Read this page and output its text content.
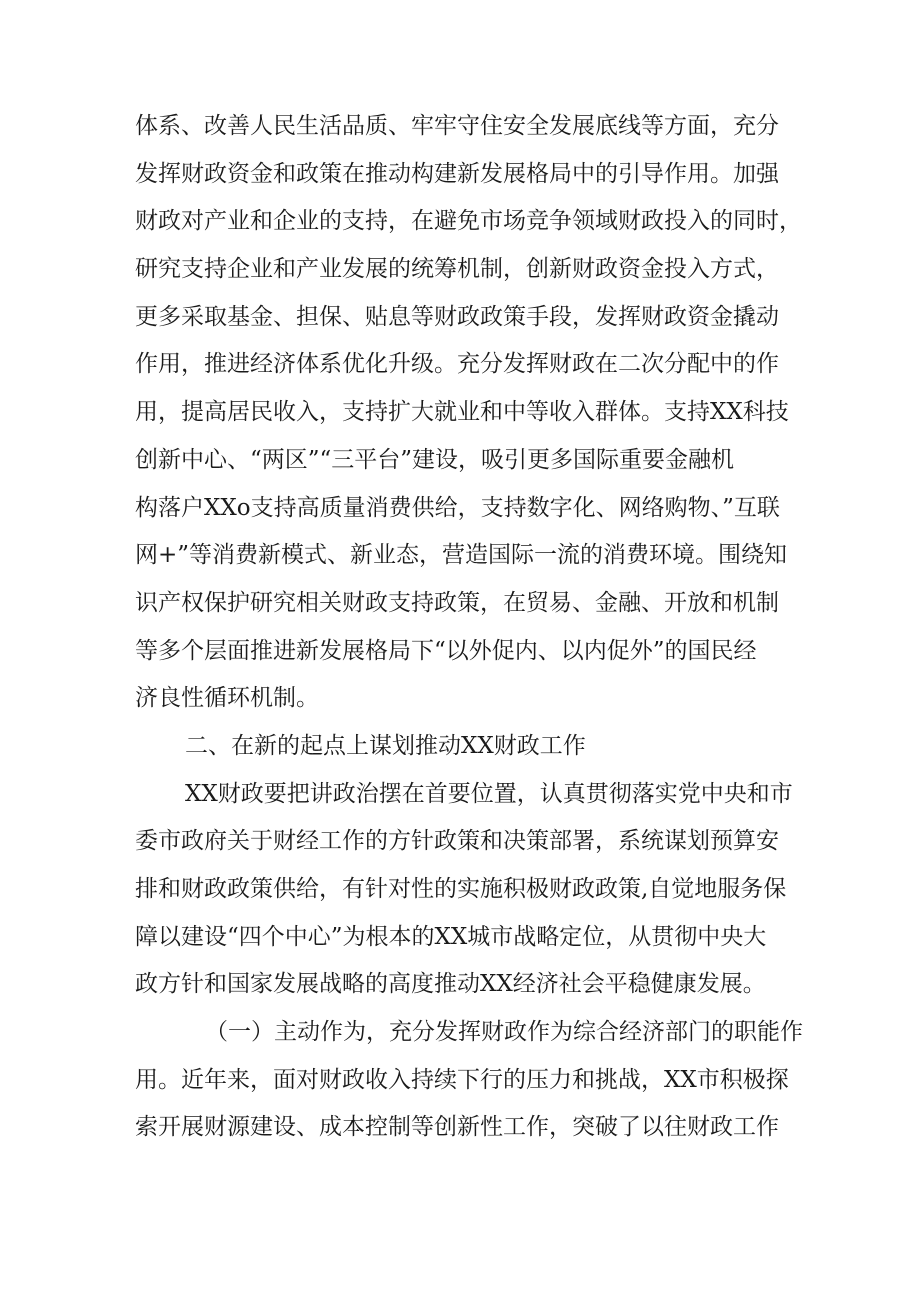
体系、改善人民生活品质、牢牢守住安全发展底线等方面，充分
发挥财政资金和政策在推动构建新发展格局中的引导作用。加强
财政对产业和企业的支持，在避免市场竞争领域财政投入的同时，
研究支持企业和产业发展的统筹机制，创新财政资金投入方式，
更多采取基金、担保、贴息等财政政策手段，发挥财政资金撬动
作用，推进经济体系优化升级。充分发挥财政在二次分配中的作
用，提高居民收入，支持扩大就业和中等收入群体。支持XX科技
创新中心、“两区”“三平台”建设，吸引更多国际重要金融机
构落户XXo支持高质量消费供给，支持数字化、网络购物、”互联
网+”等消费新模式、新业态，营造国际一流的消费环境。围绕知
识产权保护研究相关财政支持政策，在贸易、金融、开放和机制
等多个层面推进新发展格局下“以外促内、以内促外”的国民经
济良性循环机制。
二、在新的起点上谋划推动XX财政工作
XX财政要把讲政治摆在首要位置，认真贯彻落实党中央和市
委市政府关于财经工作的方针政策和决策部署，系统谋划预算安
排和财政政策供给，有针对性的实施积极财政政策,自觉地服务保
障以建设“四个中心”为根本的XX城市战略定位，从贯彻中央大
政方针和国家发展战略的高度推动XX经济社会平稳健康发展。
（一）主动作为，充分发挥财政作为综合经济部门的职能作
用。近年来，面对财政收入持续下行的压力和挑战，XX市积极探
索开展财源建设、成本控制等创新性工作，突破了以往财政工作
